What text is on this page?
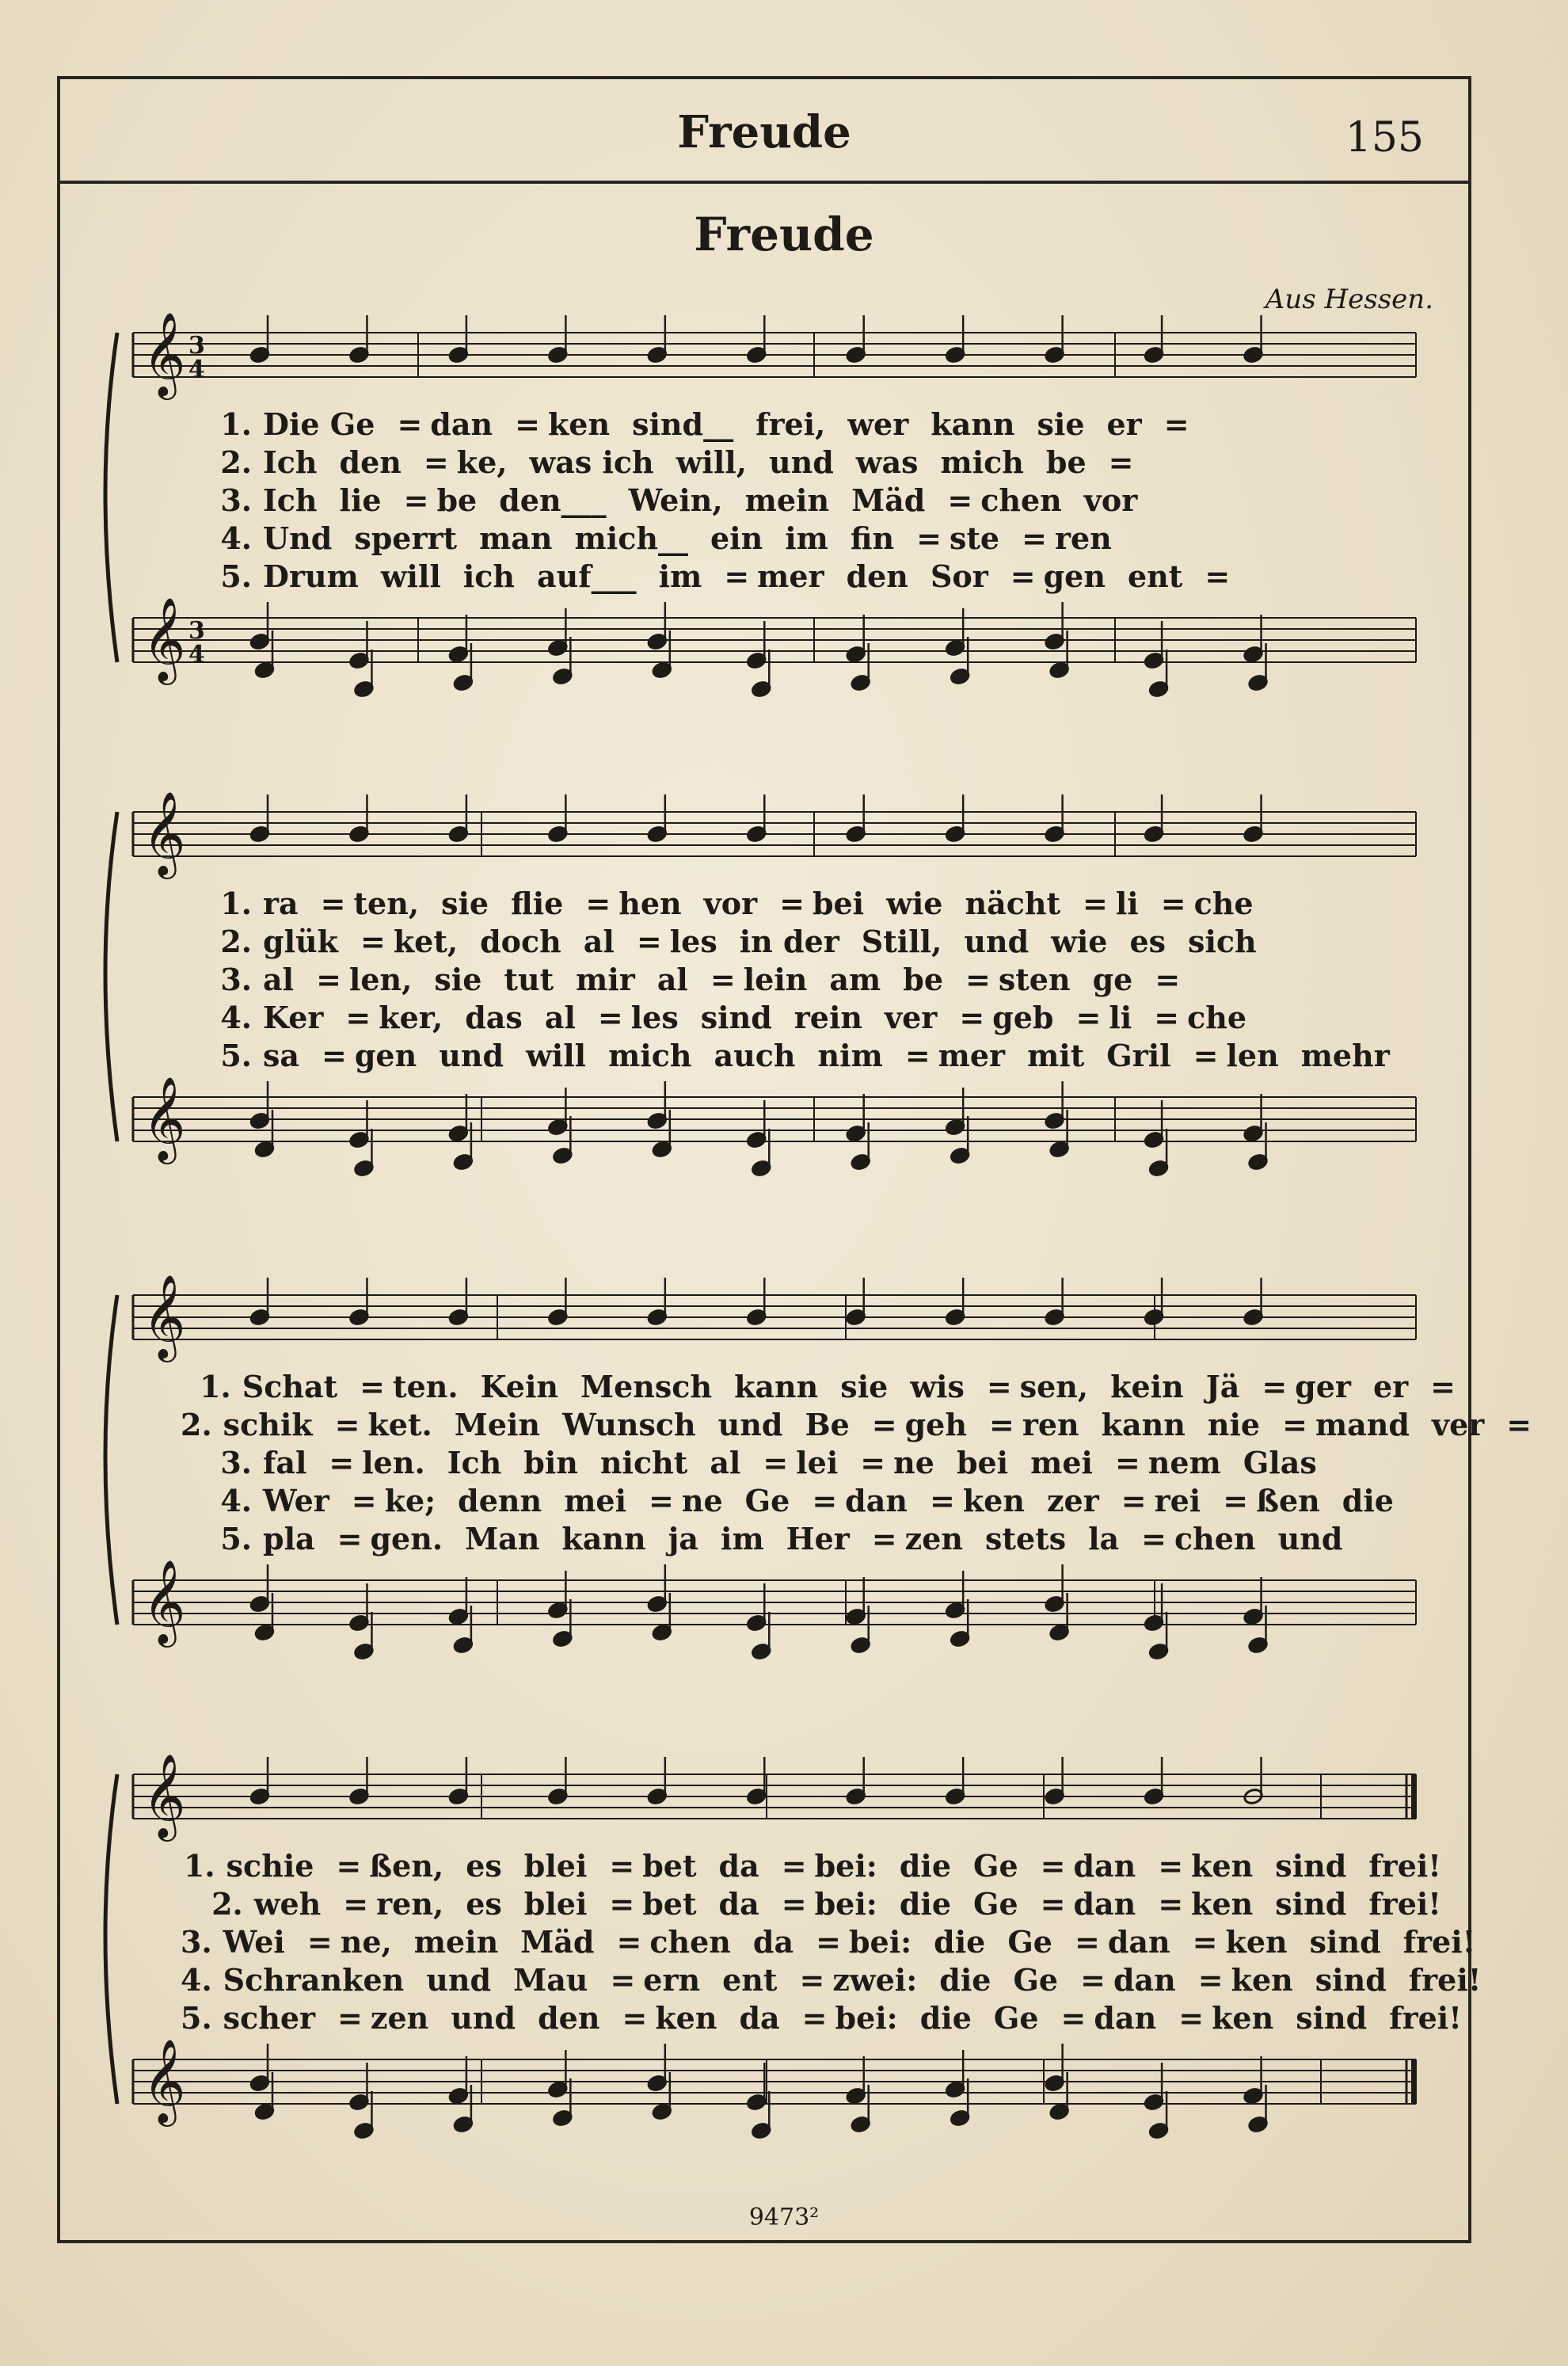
Freude	155
Freude
Aus Hessen.
𝄞
𝄞
3
4
3
4
1. Die Ge = dan = ken sind__ frei, wer kann sie er =
2. Ich den = ke, was ich will, und was mich be =
3. Ich lie = be den___ Wein, mein Mäd = chen vor
4. Und sperrt man mich__ ein im fin = ste = ren
5. Drum will ich auf___ im = mer den Sor = gen ent =
𝄞
𝄞
1. ra = ten, sie flie = hen vor = bei wie nächt = li = che
2. glük = ket, doch al = les in der Still, und wie es sich
3. al = len, sie tut mir al = lein am be = sten ge =
4. Ker = ker, das al = les sind rein ver = geb = li = che
5. sa = gen und will mich auch nim = mer mit Gril = len mehr
𝄞
𝄞
1. Schat = ten. Kein Mensch kann sie wis = sen, kein Jä = ger er =
2. schik = ket. Mein Wunsch und Be = geh = ren kann nie = mand ver =
3. fal = len. Ich bin nicht al = lei = ne bei mei = nem Glas
4. Wer = ke; denn mei = ne Ge = dan = ken zer = rei = ßen die
5. pla = gen. Man kann ja im Her = zen stets la = chen und
𝄞
𝄞
1. schie = ßen, es blei = bet da = bei: die Ge = dan = ken sind frei!
2. weh = ren, es blei = bet da = bei: die Ge = dan = ken sind frei!
3. Wei = ne, mein Mäd = chen da = bei: die Ge = dan = ken sind frei!
4. Schranken und Mau = ern ent = zwei: die Ge = dan = ken sind frei!
5. scher = zen und den = ken da = bei: die Ge = dan = ken sind frei!
9473²
